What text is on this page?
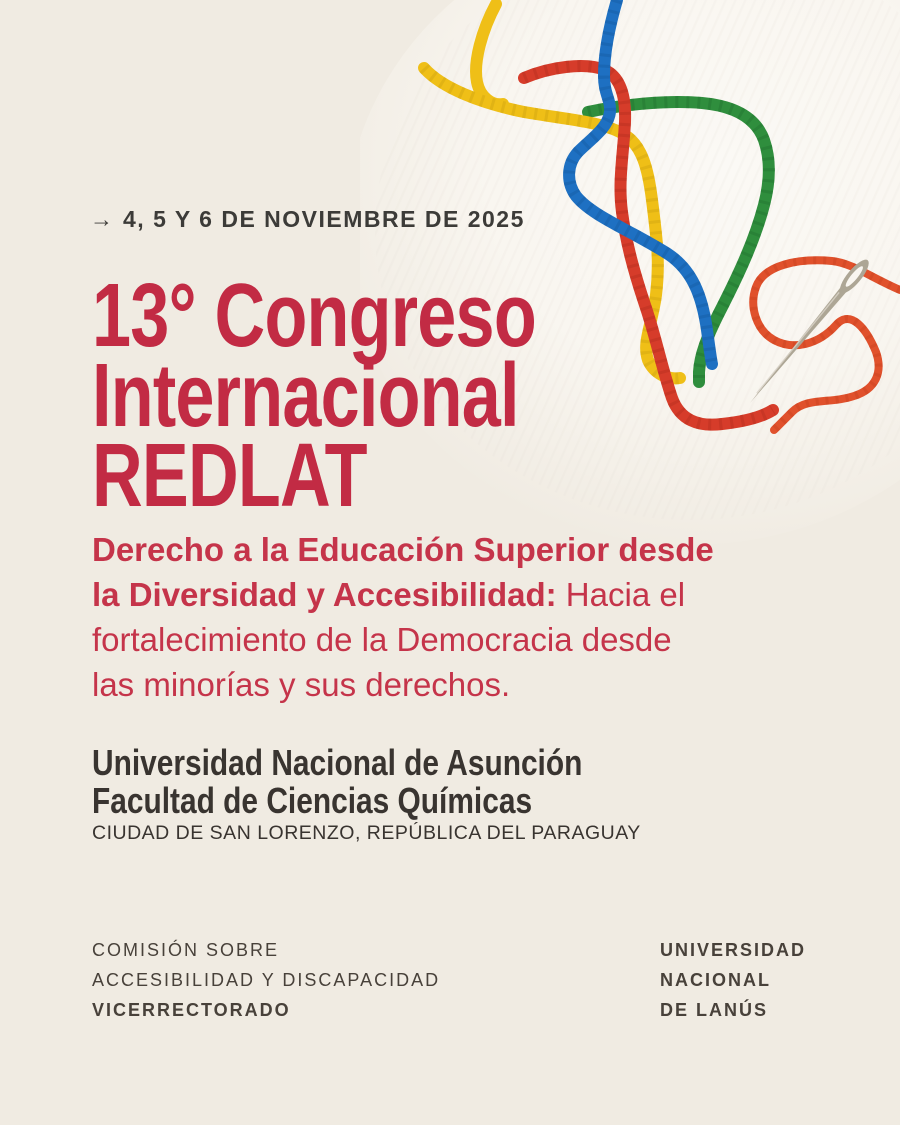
→ 4, 5 Y 6 DE NOVIEMBRE DE 2025
13° Congreso
Internacional
REDLAT

Derecho a la Educación Superior desde
la Diversidad y Accesibilidad: Hacia el
fortalecimiento de la Democracia desde
las minorías y sus derechos.

Universidad Nacional de Asunción
Facultad de Ciencias Químicas
CIUDAD DE SAN LORENZO, REPÚBLICA DEL PARAGUAY
COMISIÓN SOBRE
ACCESIBILIDAD Y DISCAPACIDAD
VICERRECTORADO
UNIVERSIDAD
NACIONAL
DE LANÚS
